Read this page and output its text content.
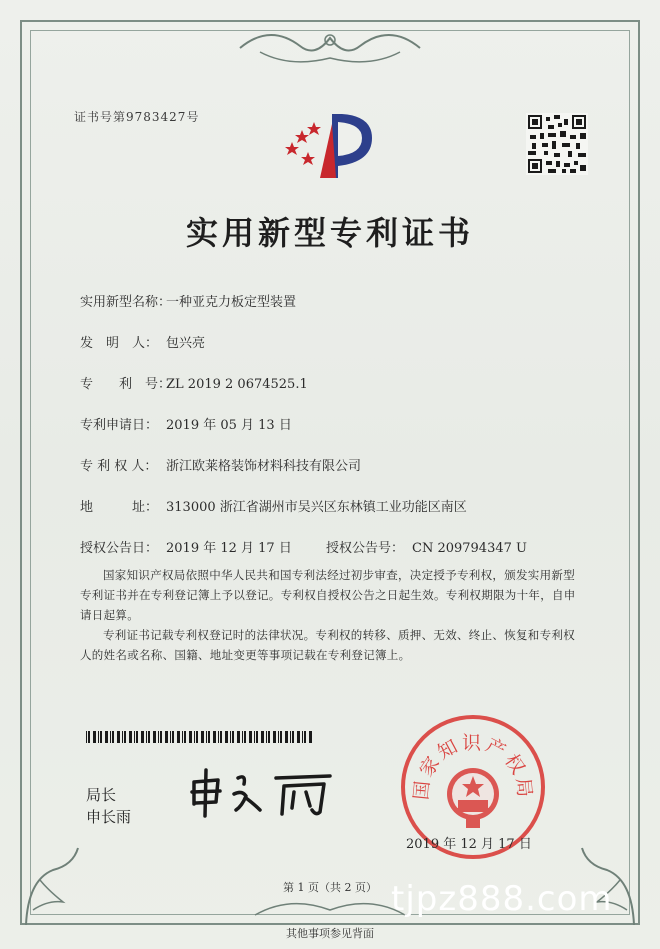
证书号第9783427号
实用新型专利证书
实用新型名称：一种亚克力板定型装置
发　明　人： 包兴亮
专　　利　号：ZL 2019 2 0674525.1
专利申请日： 2019 年 05 月 13 日
专 利 权 人： 浙江欧莱格装饰材料科技有限公司
地　　　址： 313000 浙江省湖州市吴兴区东林镇工业功能区南区
授权公告日： 2019 年 12 月 17 日	授权公告号： CN 209794347 U
国家知识产权局依照中华人民共和国专利法经过初步审查，决定授予专利权，颁发实用新型专利证书并在专利登记簿上予以登记。专利权自授权公告之日起生效。专利权期限为十年，自申请日起算。
专利证书记载专利权登记时的法律状况。专利权的转移、质押、无效、终止、恢复和专利权人的姓名或名称、国籍、地址变更等事项记载在专利登记簿上。
局长
申长雨
国家知识产权局
2019 年 12 月 17 日
第 1 页（共 2 页）
其他事项参见背面
tjpz888.com
